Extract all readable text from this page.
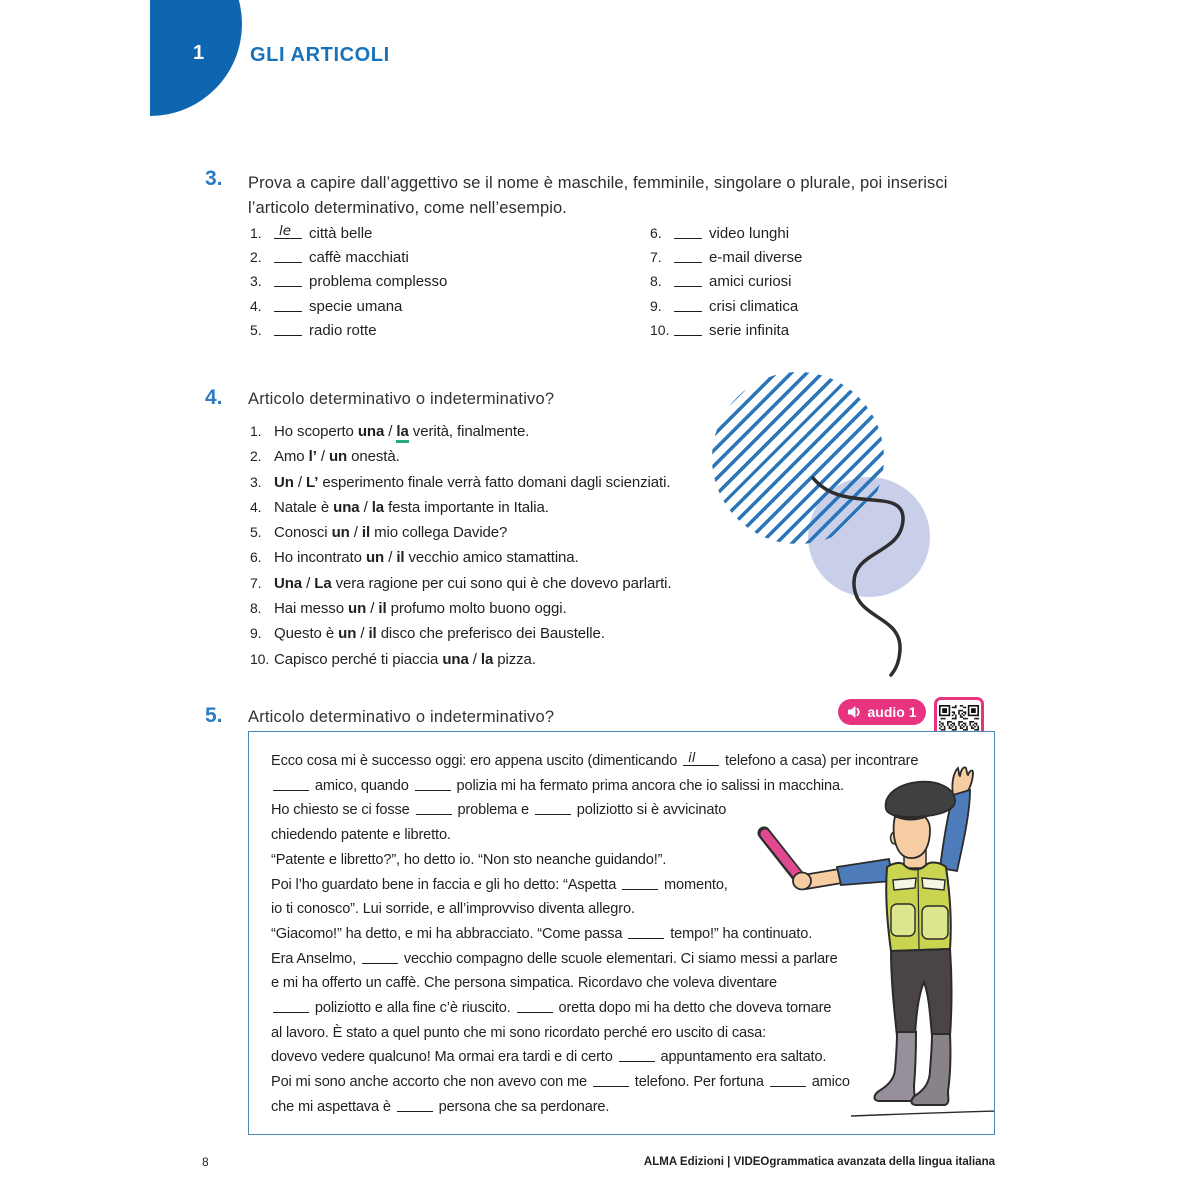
1 GLI ARTICOLI
3. Prova a capire dall’aggettivo se il nome è maschile, femminile, singolare o plurale, poi inserisci l’articolo determinativo, come nell’esempio.
1. le città belle
2.	caffè macchiati
3.	problema complesso
4.	specie umana
5.	radio rotte
6.	video lunghi
7.	e-mail diverse
8.	amici curiosi
9.	crisi climatica
10.	serie infinita
4. Articolo determinativo o indeterminativo?
1. Ho scoperto una / la verità, finalmente.
2. Amo l’ / un onestà.
3. Un / L’ esperimento finale verrà fatto domani dagli scienziati.
4. Natale è una / la festa importante in Italia.
5. Conosci un / il mio collega Davide?
6. Ho incontrato un / il vecchio amico stamattina.
7. Una / La vera ragione per cui sono qui è che dovevo parlarti.
8. Hai messo un / il profumo molto buono oggi.
9. Questo è un / il disco che preferisco dei Baustelle.
10. Capisco perché ti piaccia una / la pizza.
5. Articolo determinativo o indeterminativo?	audio 1
Ecco cosa mi è successo oggi: ero appena uscito (dimenticando il telefono a casa) per incontrare
amico, quando	polizia mi ha fermato prima ancora che io salissi in macchina.
Ho chiesto se ci fosse	problema e	poliziotto si è avvicinato
chiedendo patente e libretto.
“Patente e libretto?”, ho detto io. “Non sto neanche guidando!”.
Poi l’ho guardato bene in faccia e gli ho detto: “Aspetta	momento,
io ti conosco”. Lui sorride, e all’improvviso diventa allegro.
“Giacomo!” ha detto, e mi ha abbracciato. “Come passa	tempo!” ha continuato.
Era Anselmo,	vecchio compagno delle scuole elementari. Ci siamo messi a parlare
e mi ha offerto un caffè. Che persona simpatica. Ricordavo che voleva diventare
poliziotto e alla fine c’è riuscito.	oretta dopo mi ha detto che doveva tornare
al lavoro. È stato a quel punto che mi sono ricordato perché ero uscito di casa:
dovevo vedere qualcuno! Ma ormai era tardi e di certo	appuntamento era saltato.
Poi mi sono anche accorto che non avevo con me	telefono. Per fortuna	amico
che mi aspettava è	persona che sa perdonare.
8	ALMA Edizioni | VIDEOgrammatica avanzata della lingua italiana
